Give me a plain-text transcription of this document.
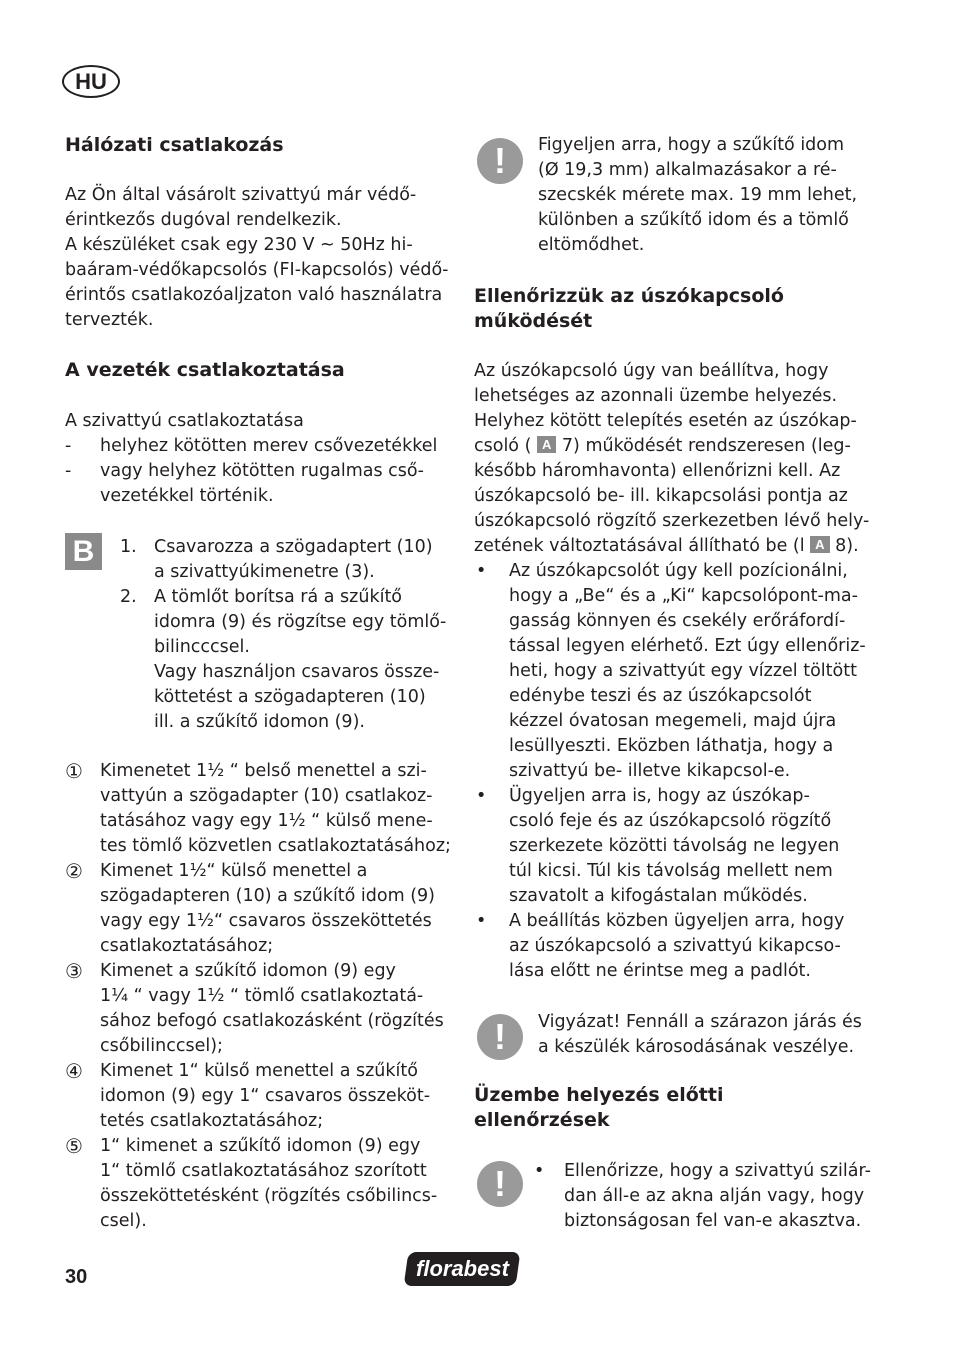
HU
Hálózati csatlakozás
Az Ön által vásárolt szivattyú már védő-
érintkezős dugóval rendelkezik.
A készüléket csak egy 230 V ~ 50Hz hi-
baáram-védőkapcsolós (FI-kapcsolós) védő-
érintős csatlakozóaljzaton való használatra
tervezték.
A vezeték csatlakoztatása
A szivattyú csatlakoztatása
- helyhez kötötten merev csővezetékkel
- vagy helyhez kötötten rugalmas cső-
vezetékkel történik.
B	1. Csavarozza a szögadaptert (10)
a szivattyúkimenetre (3).
2. A tömlőt borítsa rá a szűkítő
idomra (9) és rögzítse egy tömlő-
bilincccsel.
Vagy használjon csavaros össze-
köttetést a szögadapteren (10)
ill. a szűkítő idomon (9).
① Kimenetet 1½ “ belső menettel a szi-
vattyún a szögadapter (10) csatlakoz-
tatásához vagy egy 1½ “ külső mene-
tes tömlő közvetlen csatlakoztatásához;
② Kimenet 1½“ külső menettel a
szögadapteren (10) a szűkítő idom (9)
vagy egy 1½“ csavaros összeköttetés
csatlakoztatásához;
③ Kimenet a szűkítő idomon (9) egy
1¼ “ vagy 1½ “ tömlő csatlakoztatá-
sához befogó csatlakozásként (rögzítés
csőbilinccsel);
④ Kimenet 1“ külső menettel a szűkítő
idomon (9) egy 1“ csavaros összeköt-
tetés csatlakoztatásához;
⑤ 1“ kimenet a szűkítő idomon (9) egy
1“ tömlő csatlakoztatásához szorított
összeköttetésként (rögzítés csőbilincs-
csel).
!	Figyeljen arra, hogy a szűkítő idom
(Ø 19,3 mm) alkalmazásakor a ré-
szecskék mérete max. 19 mm lehet,
különben a szűkítő idom és a tömlő
eltömődhet.
Ellenőrizzük az úszókapcsoló
működését
Az úszókapcsoló úgy van beállítva, hogy
lehetséges az azonnali üzembe helyezés.
Helyhez kötött telepítés esetén az úszókap-
csoló ( A 7) működését rendszeresen (leg-
később háromhavonta) ellenőrizni kell. Az
úszókapcsoló be- ill. kikapcsolási pontja az
úszókapcsoló rögzítő szerkezetben lévő hely-
zetének változtatásával állítható be (l A 8).
• Az úszókapcsolót úgy kell pozícionálni,
hogy a „Be“ és a „Ki“ kapcsolópont-ma-
gasság könnyen és csekély erőráfordí-
tással legyen elérhető. Ezt úgy ellenőriz-
heti, hogy a szivattyút egy vízzel töltött
edénybe teszi és az úszókapcsolót
kézzel óvatosan megemeli, majd újra
lesüllyeszti. Eközben láthatja, hogy a
szivattyú be- illetve kikapcsol-e.
• Ügyeljen arra is, hogy az úszókap-
csoló feje és az úszókapcsoló rögzítő
szerkezete közötti távolság ne legyen
túl kicsi. Túl kis távolság mellett nem
szavatolt a kifogástalan működés.
• A beállítás közben ügyeljen arra, hogy
az úszókapcsoló a szivattyú kikapcso-
lása előtt ne érintse meg a padlót.
!	Vigyázat! Fennáll a szárazon járás és
a készülék károsodásának veszélye.
Üzembe helyezés előtti
ellenőrzések
!	• Ellenőrizze, hogy a szivattyú szilár-
dan áll-e az akna alján vagy, hogy
biztonságosan fel van-e akasztva.
30	florabest
